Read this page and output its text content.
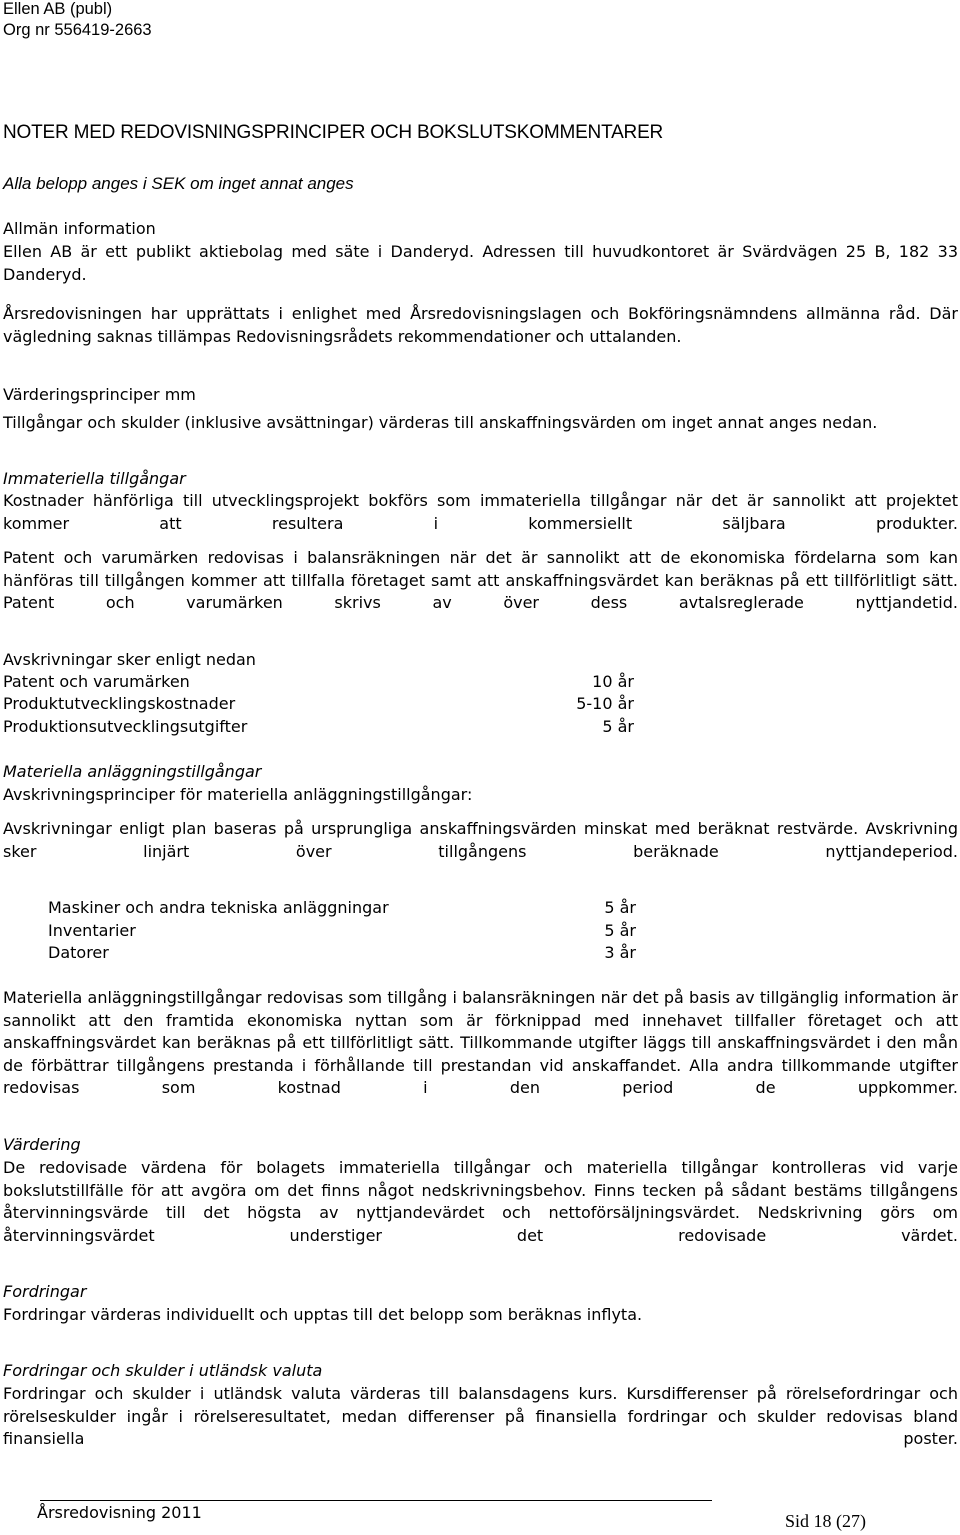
Ellen AB (publ)
Org nr 556419-2663
NOTER MED REDOVISNINGSPRINCIPER OCH BOKSLUTSKOMMENTARER
Alla belopp anges i SEK om inget annat anges
Allmän information
Ellen AB är ett publikt aktiebolag med säte i Danderyd. Adressen till huvudkontoret är Svärdvägen 25 B, 182 33 Danderyd.
Årsredovisningen har upprättats i enlighet med Årsredovisningslagen och Bokföringsnämndens allmänna råd. Där vägledning saknas tillämpas Redovisningsrådets rekommendationer och uttalanden.
Värderingsprinciper mm
Tillgångar och skulder (inklusive avsättningar) värderas till anskaffningsvärden om inget annat anges nedan.
Immateriella tillgångar
Kostnader hänförliga till utvecklingsprojekt bokförs som immateriella tillgångar när det är sannolikt att projektet kommer att resultera i kommersiellt säljbara produkter.
Patent och varumärken redovisas i balansräkningen när det är sannolikt att de ekonomiska fördelarna som kan hänföras till tillgången kommer att tillfalla företaget samt att anskaffningsvärdet kan beräknas på ett tillförlitligt sätt. Patent och varumärken skrivs av över dess avtalsreglerade nyttjandetid.
Avskrivningar sker enligt nedan
Patent och varumärken	10 år
Produktutvecklingskostnader	5-10 år
Produktionsutvecklingsutgifter	5 år
Materiella anläggningstillgångar
Avskrivningsprinciper för materiella anläggningstillgångar:
Avskrivningar enligt plan baseras på ursprungliga anskaffningsvärden minskat med beräknat restvärde. Avskrivning sker linjärt över tillgångens beräknade nyttjandeperiod.
Maskiner och andra tekniska anläggningar	5 år
Inventarier	5 år
Datorer	3 år
Materiella anläggningstillgångar redovisas som tillgång i balansräkningen när det på basis av tillgänglig information är sannolikt att den framtida ekonomiska nyttan som är förknippad med innehavet tillfaller företaget och att anskaffningsvärdet kan beräknas på ett tillförlitligt sätt. Tillkommande utgifter läggs till anskaffningsvärdet i den mån de förbättrar tillgångens prestanda i förhållande till prestandan vid anskaffandet. Alla andra tillkommande utgifter redovisas som kostnad i den period de uppkommer.
Värdering
De redovisade värdena för bolagets immateriella tillgångar och materiella tillgångar kontrolleras vid varje bokslutstillfälle för att avgöra om det finns något nedskrivningsbehov. Finns tecken på sådant bestäms tillgångens återvinningsvärde till det högsta av nyttjandevärdet och nettoförsäljningsvärdet. Nedskrivning görs om återvinningsvärdet understiger det redovisade värdet.
Fordringar
Fordringar värderas individuellt och upptas till det belopp som beräknas inflyta.
Fordringar och skulder i utländsk valuta
Fordringar och skulder i utländsk valuta värderas till balansdagens kurs. Kursdifferenser på rörelsefordringar och rörelseskulder ingår i rörelseresultatet, medan differenser på finansiella fordringar och skulder redovisas bland finansiella poster.
Årsredovisning 2011	Sid 18 (27)
